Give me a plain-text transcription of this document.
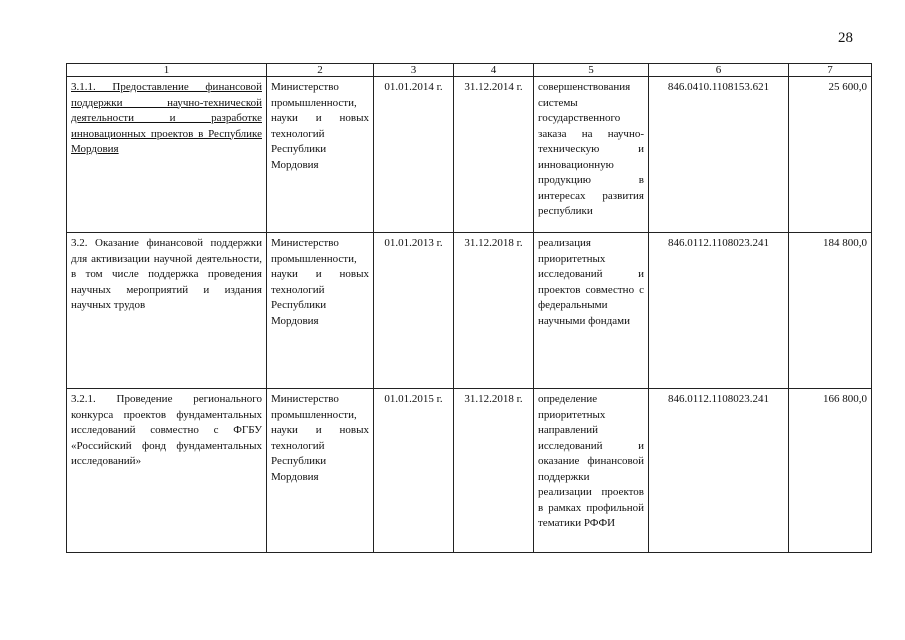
28
1	2	3	4	5	6	7
3.1.1. Предоставление финансовой поддержки научно-технической деятельности и разработке инновационных проектов в Республике Мордовия	Министерство промышленности, науки и новых технологий Республики Мордовия	01.01.2014 г.	31.12.2014 г.	совершенствования системы государственного заказа на научно-техническую и инновационную продукцию в интересах развития республики	846.0410.1108153.621	25 600,0
3.2. Оказание финансовой поддержки для активизации научной деятельности, в том числе поддержка проведения научных мероприятий и издания научных трудов	Министерство промышленности, науки и новых технологий Республики Мордовия	01.01.2013 г.	31.12.2018 г.	реализация приоритетных исследований и проектов совместно с федеральными научными фондами	846.0112.1108023.241	184 800,0
3.2.1. Проведение регионального конкурса проектов фундаментальных исследований совместно с ФГБУ «Российский фонд фундаментальных исследований»	Министерство промышленности, науки и новых технологий Республики Мордовия	01.01.2015 г.	31.12.2018 г.	определение приоритетных направлений исследований и оказание финансовой поддержки реализации проектов в рамках профильной тематики РФФИ	846.0112.1108023.241	166 800,0
